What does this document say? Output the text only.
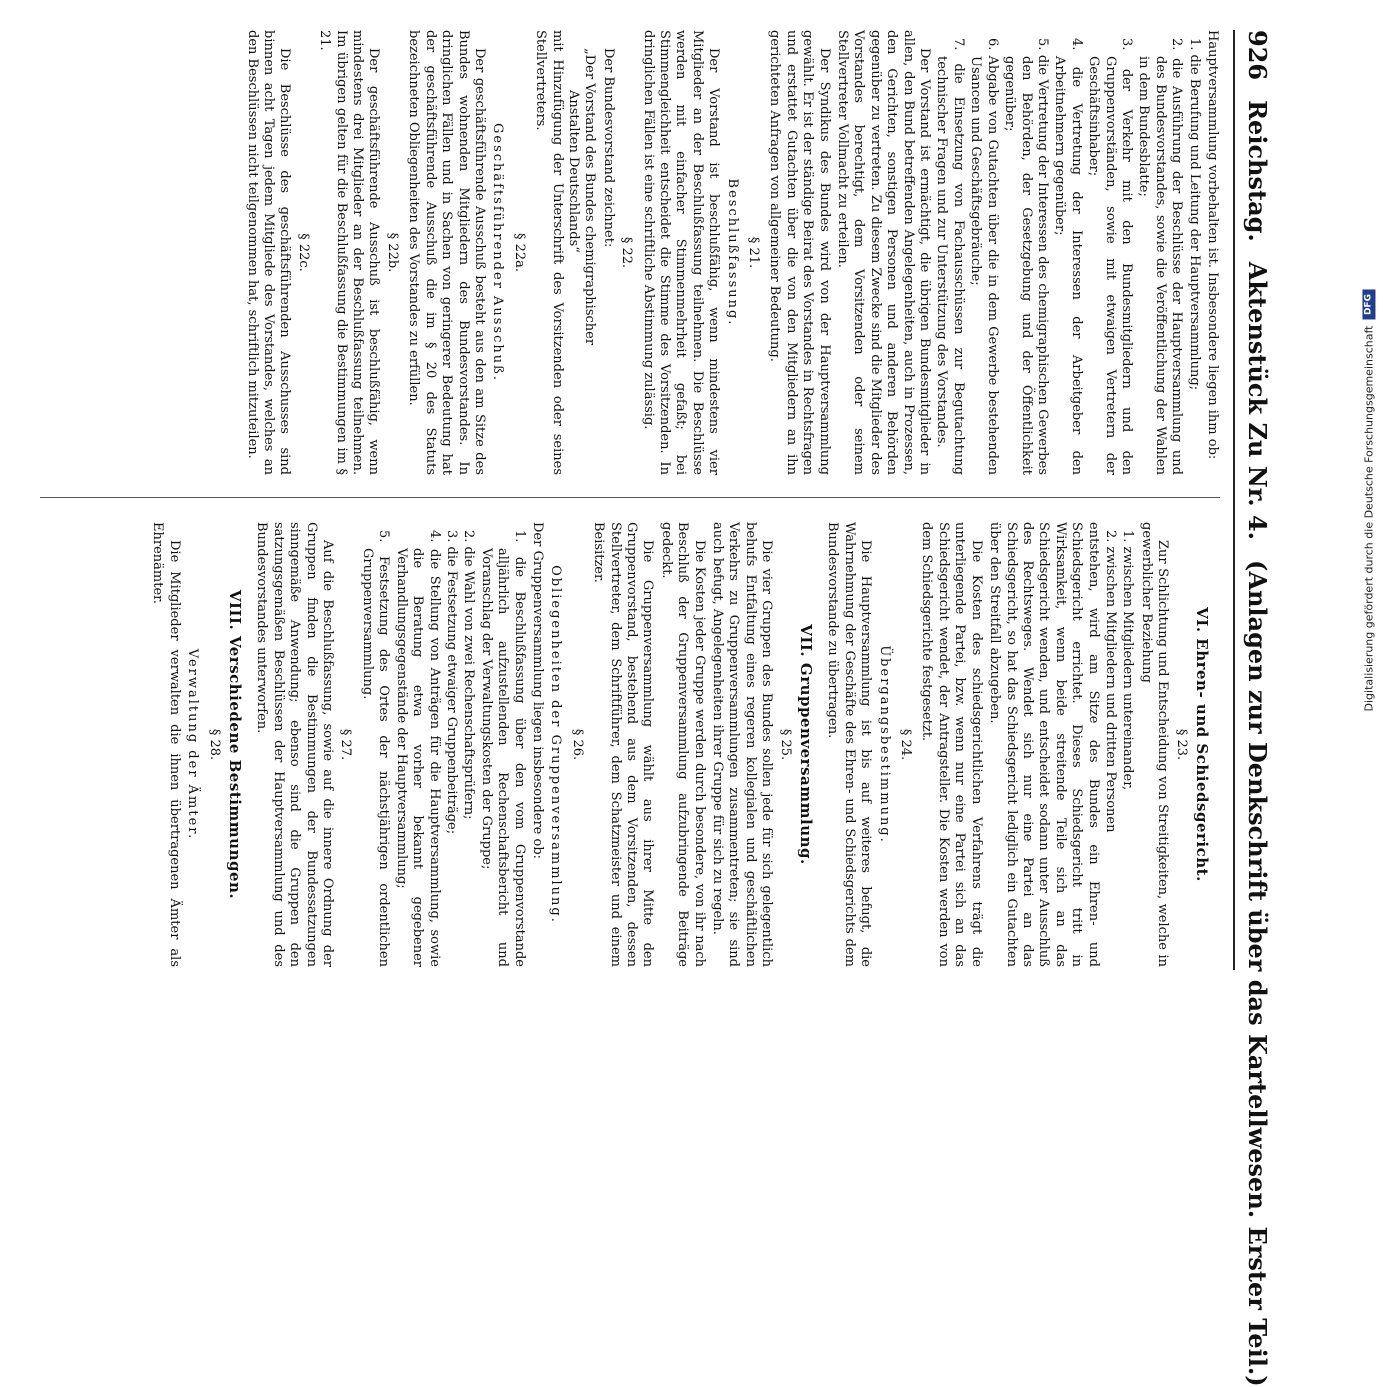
926
Reichstag.
Aktenstück Zu Nr. 4.
(Anlagen zur Denkschrift über das Kartellwesen. Erster Teil.)

Hauptversammlung vorbehalten ist. Insbesondere liegen ihm ob:

1. die Berufung und Leitung der Hauptversammlung;
2. die Ausführung der Beschlüsse der Hauptversammlung und des Bundesvorstandes, sowie die Veröffentlichung der Wahlen in dem Bundesblatte;
3. der Verkehr mit den Bundesmitgliedern und den Gruppenvorständen, sowie mit etwaigen Vertretern der Geschäftsinhaber;
4. die Vertretung der Interessen der Arbeitgeber den Arbeitnehmern gegenüber;
5. die Vertretung der Interessen des chemigraphischen Gewerbes den Behörden, der Gesetzgebung und der Öffentlichkeit gegenüber;
6. Abgabe von Gutachten über die in dem Gewerbe bestehenden Usancen und Geschäftsgebräuche;
7. die Einsetzung von Fachausschüssen zur Begutachtung technischer Fragen und zur Unterstützung des Vorstandes.

Der Vorstand ist ermächtigt, die übrigen Bundesmitglieder in allen, den Bund betreffenden Angelegenheiten, auch in Prozessen, den Gerichten, sonstigen Personen und anderen Behörden gegenüber zu vertreten. Zu diesem Zwecke sind die Mitglieder des Vorstandes berechtigt, dem Vorsitzenden oder seinem Stellvertreter Vollmacht zu erteilen.

Der Syndikus des Bundes wird von der Hauptversammlung gewählt. Er ist der ständige Beirat des Vorstandes in Rechtsfragen und erstattet Gutachten über die von den Mitgliedern an ihn gerichteten Anfragen von allgemeiner Bedeutung.

§ 21.
Beschlußfassung.

Der Vorstand ist beschlußfähig, wenn mindestens vier Mitglieder an der Beschlußfassung teilnehmen. Die Beschlüsse werden mit einfacher Stimmenmehrheit gefaßt; bei Stimmengleichheit entscheidet die Stimme des Vorsitzenden. In dringlichen Fällen ist eine schriftliche Abstimmung zulässig.

§ 22.

Der Bundesvorstand zeichnet:

„Der Vorstand des Bundes chemigraphischer

Anstalten Deutschlands“

mit Hinzufügung der Unterschrift des Vorsitzenden oder seines Stellvertreters.

§ 22a.
Geschäftsführender Ausschuß.

Der geschäftsführende Ausschuß besteht aus den am Sitze des Bundes wohnenden Mitgliedern des Bundesvorstandes. In dringlichen Fällen und in Sachen von geringerer Bedeutung hat der geschäftsführende Ausschuß die im § 20 des Statuts bezeichneten Obliegenheiten des Vorstandes zu erfüllen.

§ 22b.

Der geschäftsführende Ausschuß ist beschlußfähig, wenn mindestens drei Mitglieder an der Beschlußfassung teilnehmen. Im übrigen gelten für die Beschlußfassung die Bestimmungen im § 21.

§ 22c.

Die Beschlüsse des geschäftsführenden Ausschusses sind binnen acht Tagen jedem Mitgliede des Vorstandes, welches an den Beschlüssen nicht teilgenommen hat, schriftlich mitzuteilen.

VI. Ehren- und Schiedsgericht.
§ 23.

Zur Schlichtung und Entscheidung von Streitigkeiten, welche in gewerblicher Beziehung

1. zwischen Mitgliedern untereinander,
2. zwischen Mitgliedern und dritten Personen

entstehen, wird am Sitze des Bundes ein Ehren- und Schiedsgericht errichtet. Dieses Schiedsgericht tritt in Wirksamkeit, wenn beide streitende Teile sich an das Schiedsgericht wenden, und entscheidet sodann unter Ausschluß des Rechtsweges. Wendet sich nur eine Partei an das Schiedsgericht, so hat das Schiedsgericht lediglich ein Gutachten über den Streitfall abzugeben.

Die Kosten des schiedsgerichtlichen Verfahrens trägt die unterliegende Partei, bzw. wenn nur eine Partei sich an das Schiedsgericht wendet, der Antragsteller. Die Kosten werden von dem Schiedsgerichte festgesetzt.

§ 24.
Übergangsbestimmung.

Die Hauptversammlung ist bis auf weiteres befugt, die Wahrnehmung der Geschäfte des Ehren- und Schiedsgerichts dem Bundesvorstande zu übertragen.

VII. Gruppenversammlung.
§ 25.

Die vier Gruppen des Bundes sollen jede für sich gelegentlich behufs Entfaltung eines regeren kollegialen und geschäftlichen Verkehrs zu Gruppenversammlungen zusammentreten; sie sind auch befugt, Angelegenheiten ihrer Gruppe für sich zu regeln.

Die Kosten jeder Gruppe werden durch besondere, von ihr nach Beschluß der Gruppenversammlung aufzubringende Beiträge gedeckt.

Die Gruppenversammlung wählt aus ihrer Mitte den Gruppenvorstand, bestehend aus dem Vorsitzenden, dessen Stellvertreter, dem Schriftführer, dem Schatzmeister und einem Beisitzer.

§ 26.
Obliegenheiten der Gruppenversammlung.

Der Gruppenversammlung liegen insbesondere ob:

1. die Beschlußfassung über den vom Gruppenvorstande alljährlich aufzustellenden Rechenschaftsbericht und Voranschlag der Verwaltungskosten der Gruppe;
2. die Wahl von zwei Rechenschaftsprüfern;
3. die Festsetzung etwaiger Gruppenbeiträge;
4. die Stellung von Anträgen für die Hauptversammlung, sowie die Beratung etwa vorher bekannt gegebener Verhandlungsgegenstände der Hauptversammlung;
5. Festsetzung des Ortes der nächstjährigen ordentlichen Gruppenversammlung.
§ 27.

Auf die Beschlußfassung, sowie auf die innere Ordnung der Gruppen finden die Bestimmungen der Bundessatzungen sinngemäße Anwendung; ebenso sind die Gruppen den satzungsgemäßen Beschlüssen der Hauptversammlung und des Bundesvorstandes unterworfen.

VIII. Verschiedene Bestimmungen.
§ 28.
Verwaltung der Ämter.

Die Mitglieder verwalten die ihnen übertragenen Ämter als Ehrenämter.	Digitalisierung gefördert durch die Deutsche Forschungsgemeinschaft
DFG
